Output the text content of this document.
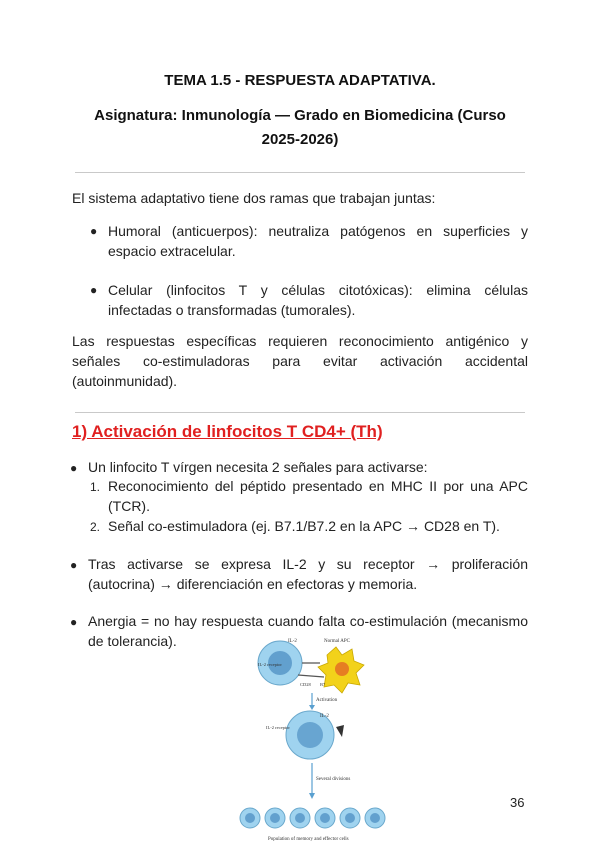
TEMA 1.5 - RESPUESTA ADAPTATIVA.
Asignatura: Inmunología — Grado en Biomedicina (Curso
2025-2026)
El sistema adaptativo tiene dos ramas que trabajan juntas:
● Humoral (anticuerpos): neutraliza patógenos en superficies y
espacio extracelular.
● Celular (linfocitos T y células citotóxicas): elimina células
infectadas o transformadas (tumorales).
Las respuestas específicas requieren reconocimiento antigénico y
señales co-estimuladoras para evitar activación accidental
(autoinmunidad).
1) Activación de linfocitos T CD4+ (Th)
● Un linfocito T vírgen necesita 2 señales para activarse:
1. Reconocimiento del péptido presentado en MHC II por una APC
(TCR).
2. Señal co-estimuladora (ej. B7.1/B7.2 en la APC → CD28 en T).
● Tras activarse se expresa IL-2 y su receptor → proliferación
(autocrina) → diferenciación en efectoras y memoria.
● Anergia = no hay respuesta cuando falta co-estimulación (mecanismo
de tolerancia).	IL-2	Normal APC
IL-2 receptor
CD28 B7
Activation
IL-2
IL-2 receptor
Several divisions
Population of memory and effector cells
36
